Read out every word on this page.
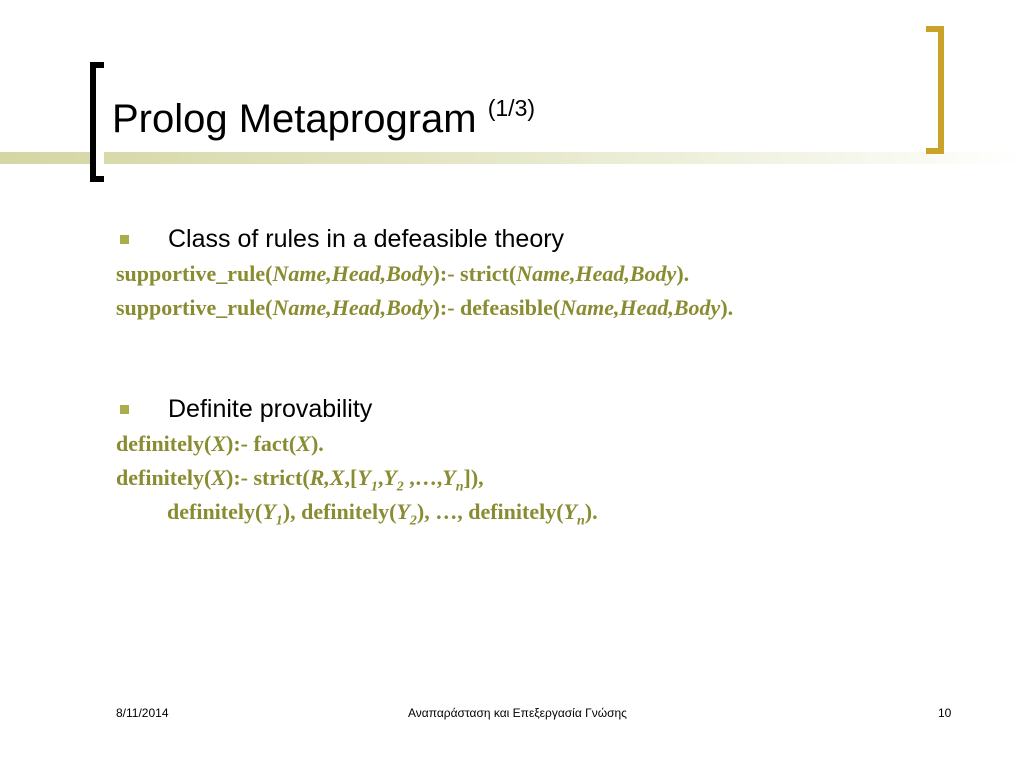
Prolog Metaprogram $^{(1/3)}$
Class of rules in a defeasible theory
supportive_rule(Name,Head,Body):- strict(Name,Head,Body).
supportive_rule(Name,Head,Body):- defeasible(Name,Head,Body).
Definite provability
definitely(X):- fact(X).
definitely(X):- $strict(R,X,[Y_1,Y_2$ $,\dots,Y_n$]),
$definitely(Y_1)$, $definitely(Y_2)$, …, $definitely(Y_n)$.
8/11/2014	Αναπαράσταση και Επεξεργασία Γνώσης	10
